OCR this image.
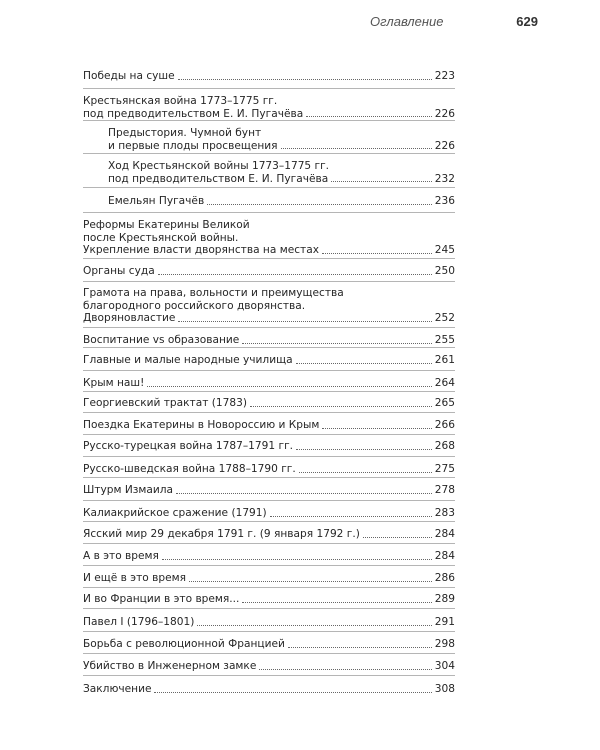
Оглавление	629
Победы на суше	223
Крестьянская война 1773–1775 гг.
под предводительством Е. И. Пугачёва	226
Предыстория. Чумной бунт
и первые плоды просвещения	226
Ход Крестьянской войны 1773–1775 гг.
под предводительством Е. И. Пугачёва	232
Емельян Пугачёв	236
Реформы Екатерины Великой
после Крестьянской войны.
Укрепление власти дворянства на местах	245
Органы суда	250
Грамота на права, вольности и преимущества
благородного российского дворянства.
Дворяновластие	252
Воспитание vs образование	255
Главные и малые народные училища	261
Крым наш!	264
Георгиевский трактат (1783)	265
Поездка Екатерины в Новороссию и Крым	266
Русско-турецкая война 1787–1791 гг.	268
Русско-шведская война 1788–1790 гг.	275
Штурм Измаила	278
Калиакрийское сражение (1791)	283
Ясский мир 29 декабря 1791 г. (9 января 1792 г.)	284
А в это время	284
И ещё в это время	286
И во Франции в это время...	289
Павел I (1796–1801)	291
Борьба с революционной Францией	298
Убийство в Инженерном замке	304
Заключение	308
